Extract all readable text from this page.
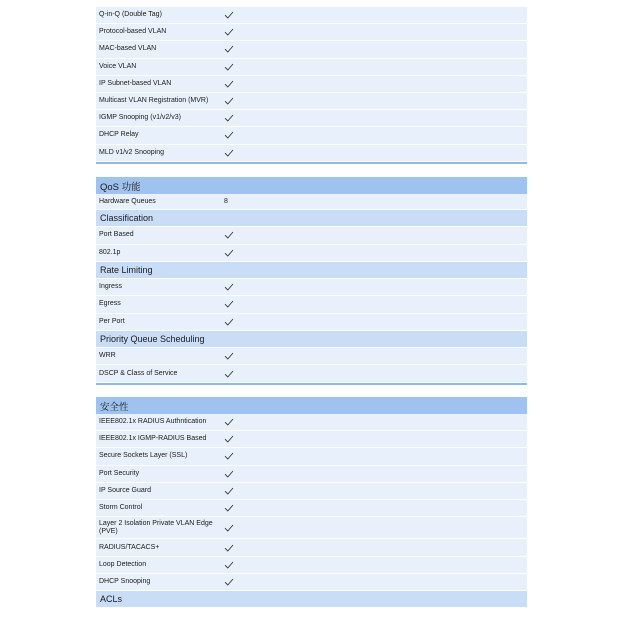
Q-in-Q (Double Tag)
Protocol-based VLAN
MAC-based VLAN
Voice VLAN
IP Subnet-based VLAN
Multicast VLAN Registration (MVR)
IGMP Snooping (v1/v2/v3)
DHCP Relay
MLD v1/v2 Snooping
QoS 功能
Hardware Queues	8
Classification
Port Based
802.1p
Rate Limiting
Ingress
Egress
Per Port
Priority Queue Scheduling
WRR
DSCP & Class of Service
安全性
IEEE802.1x RADIUS Authntication
IEEE802.1x IGMP-RADIUS Based
Secure Sockets Layer (SSL)
Port Security
IP Source Guard
Storm Control
Layer 2 Isolation Private VLAN Edge (PVE)
RADIUS/TACACS+
Loop Detection
DHCP Snooping
ACLs
